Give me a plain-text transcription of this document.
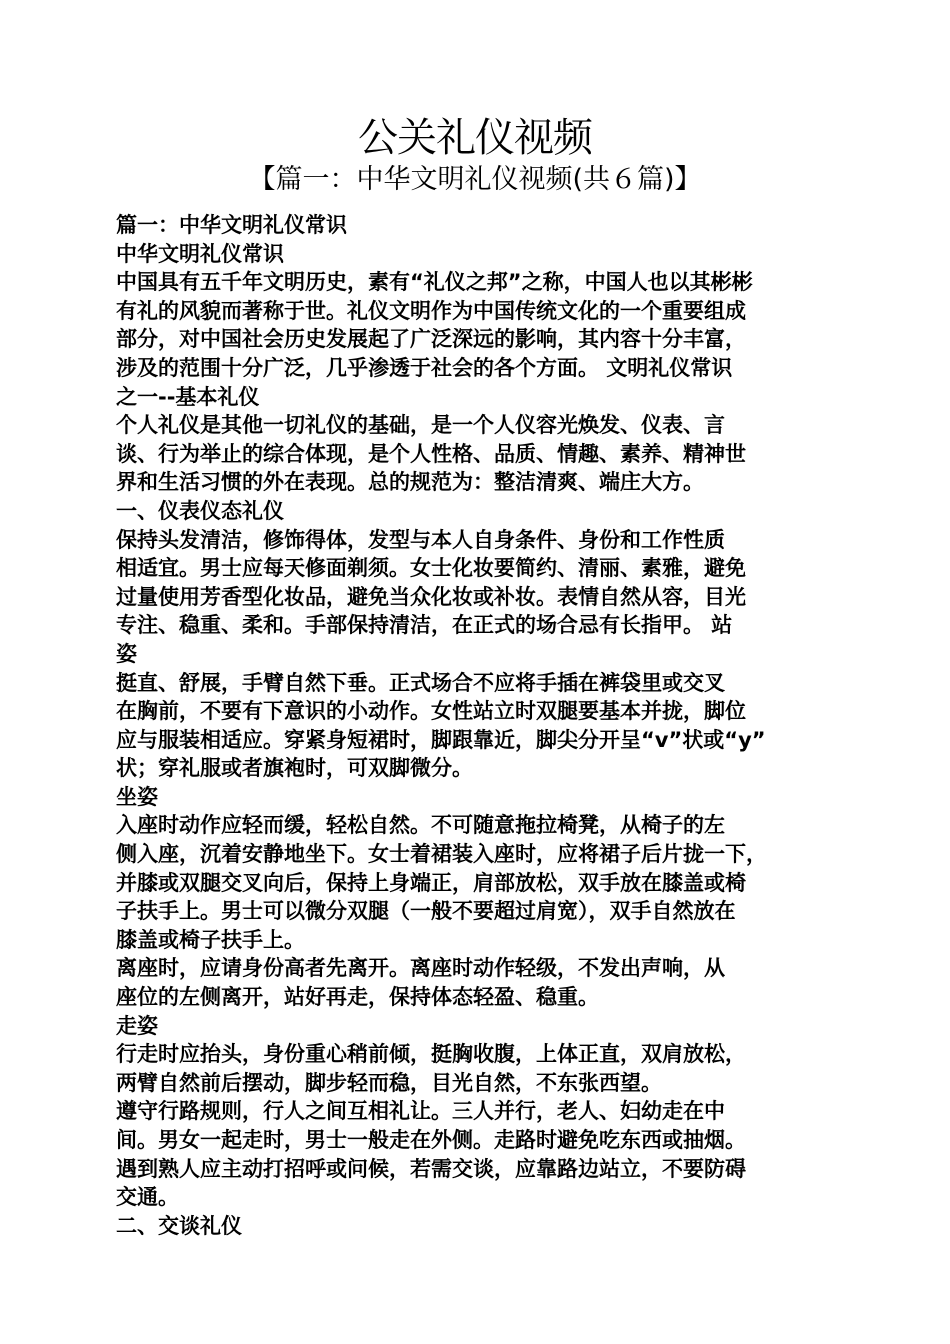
公关礼仪视频
【篇一：中华文明礼仪视频(共６篇)】
篇一：中华文明礼仪常识
中华文明礼仪常识
中国具有五千年文明历史，素有“礼仪之邦”之称，中国人也以其彬彬
有礼的风貌而著称于世。礼仪文明作为中国传统文化的一个重要组成
部分，对中国社会历史发展起了广泛深远的影响，其内容十分丰富，
涉及的范围十分广泛，几乎渗透于社会的各个方面。 文明礼仪常识
之一--基本礼仪
个人礼仪是其他一切礼仪的基础，是一个人仪容光焕发、仪表、言
谈、行为举止的综合体现，是个人性格、品质、情趣、素养、精神世
界和生活习惯的外在表现。总的规范为：整洁清爽、端庄大方。
一、仪表仪态礼仪
保持头发清洁，修饰得体，发型与本人自身条件、身份和工作性质
相适宜。男士应每天修面剃须。女士化妆要简约、清丽、素雅，避免
过量使用芳香型化妆品，避免当众化妆或补妆。表情自然从容，目光
专注、稳重、柔和。手部保持清洁，在正式的场合忌有长指甲。 站
姿
挺直、舒展，手臂自然下垂。正式场合不应将手插在裤袋里或交叉
在胸前，不要有下意识的小动作。女性站立时双腿要基本并拢，脚位
应与服装相适应。穿紧身短裙时，脚跟靠近，脚尖分开呈“v”状或“y”
状；穿礼服或者旗袍时，可双脚微分。
坐姿
入座时动作应轻而缓，轻松自然。不可随意拖拉椅凳，从椅子的左
侧入座，沉着安静地坐下。女士着裙装入座时，应将裙子后片拢一下，
并膝或双腿交叉向后，保持上身端正，肩部放松，双手放在膝盖或椅
子扶手上。男士可以微分双腿（一般不要超过肩宽），双手自然放在
膝盖或椅子扶手上。
离座时，应请身份高者先离开。离座时动作轻级，不发出声响，从
座位的左侧离开，站好再走，保持体态轻盈、稳重。
走姿
行走时应抬头，身份重心稍前倾，挺胸收腹，上体正直，双肩放松，
两臂自然前后摆动，脚步轻而稳，目光自然，不东张西望。
遵守行路规则，行人之间互相礼让。三人并行，老人、妇幼走在中
间。男女一起走时，男士一般走在外侧。走路时避免吃东西或抽烟。
遇到熟人应主动打招呼或问候，若需交谈，应靠路边站立，不要防碍
交通。
二、交谈礼仪
